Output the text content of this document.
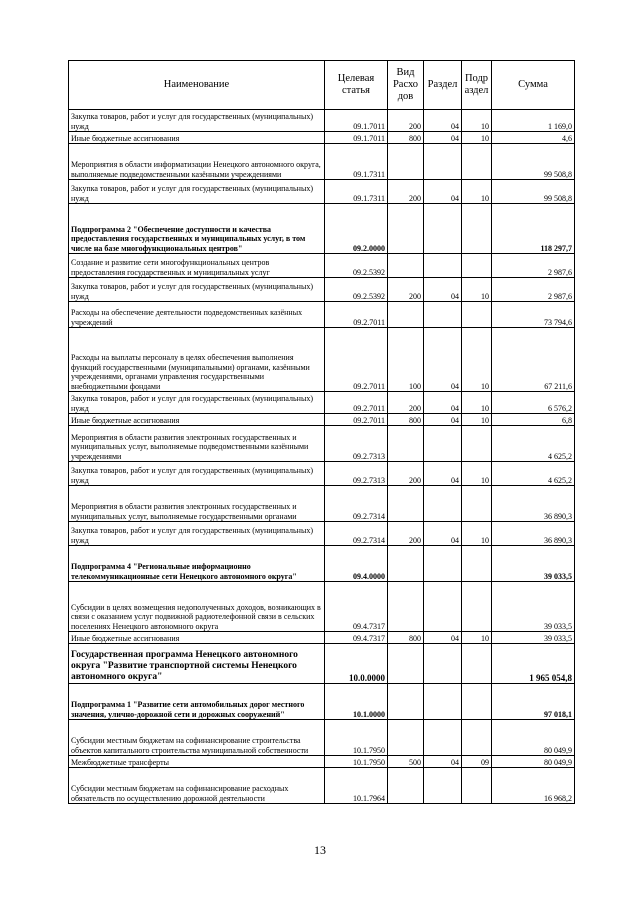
Наименование	Целевая статья	Вид Расхо дов	Раздел	Подр аздел	Сумма
Закупка товаров, работ и услуг для государственных (муниципальных) нужд	09.1.7011	200	04	10	1 169,0
Иные бюджетные ассигнования	09.1.7011	800	04	10	4,6
Мероприятия в области информатизации Ненецкого автономного округа, выполняемые подведомственными казёнными учреждениями	09.1.7311				99 508,8
Закупка товаров, работ и услуг для государственных (муниципальных) нужд	09.1.7311	200	04	10	99 508,8
Подпрограмма 2 "Обеспечение доступности и качества предоставления государственных и муниципальных услуг, в том числе на базе многофункциональных центров"	09.2.0000				118 297,7
Создание и развитие сети многофункциональных центров предоставления государственных и муниципальных услуг	09.2.5392				2 987,6
Закупка товаров, работ и услуг для государственных (муниципальных) нужд	09.2.5392	200	04	10	2 987,6
Расходы на обеспечение деятельности подведомственных казённых учреждений	09.2.7011				73 794,6
Расходы на выплаты персоналу в целях обеспечения выполнения функций государственными (муниципальными) органами, казёнными учреждениями, органами управления государственными внебюджетными фондами	09.2.7011	100	04	10	67 211,6
Закупка товаров, работ и услуг для государственных (муниципальных) нужд	09.2.7011	200	04	10	6 576,2
Иные бюджетные ассигнования	09.2.7011	800	04	10	6,8
Мероприятия в области развития электронных государственных и муниципальных услуг, выполняемые подведомственными казёнными учреждениями	09.2.7313				4 625,2
Закупка товаров, работ и услуг для государственных (муниципальных) нужд	09.2.7313	200	04	10	4 625,2
Мероприятия в области развития электронных государственных и муниципальных услуг, выполняемые государственными органами	09.2.7314				36 890,3
Закупка товаров, работ и услуг для государственных (муниципальных) нужд	09.2.7314	200	04	10	36 890,3
Подпрограмма 4 "Региональные информационно телекоммуникационные сети Ненецкого автономного округа"	09.4.0000				39 033,5
Субсидии в целях возмещения недополученных доходов, возникающих в связи с оказанием услуг подвижной радиотелефонной связи в сельских поселениях Ненецкого автономного округа	09.4.7317				39 033,5
Иные бюджетные ассигнования	09.4.7317	800	04	10	39 033,5
Государственная программа Ненецкого автономного округа "Развитие транспортной системы Ненецкого автономного округа"	10.0.0000				1 965 054,8
Подпрограмма 1 "Развитие сети автомобильных дорог местного значения, улично-дорожной сети и дорожных сооружений"	10.1.0000				97 018,1
Субсидии местным бюджетам на софинансирование строительства объектов капитального строительства муниципальной собственности	10.1.7950				80 049,9
Межбюджетные трансферты	10.1.7950	500	04	09	80 049,9
Субсидии местным бюджетам на софинансирование расходных обязательств по осуществлению дорожной деятельности	10.1.7964				16 968,2
13
